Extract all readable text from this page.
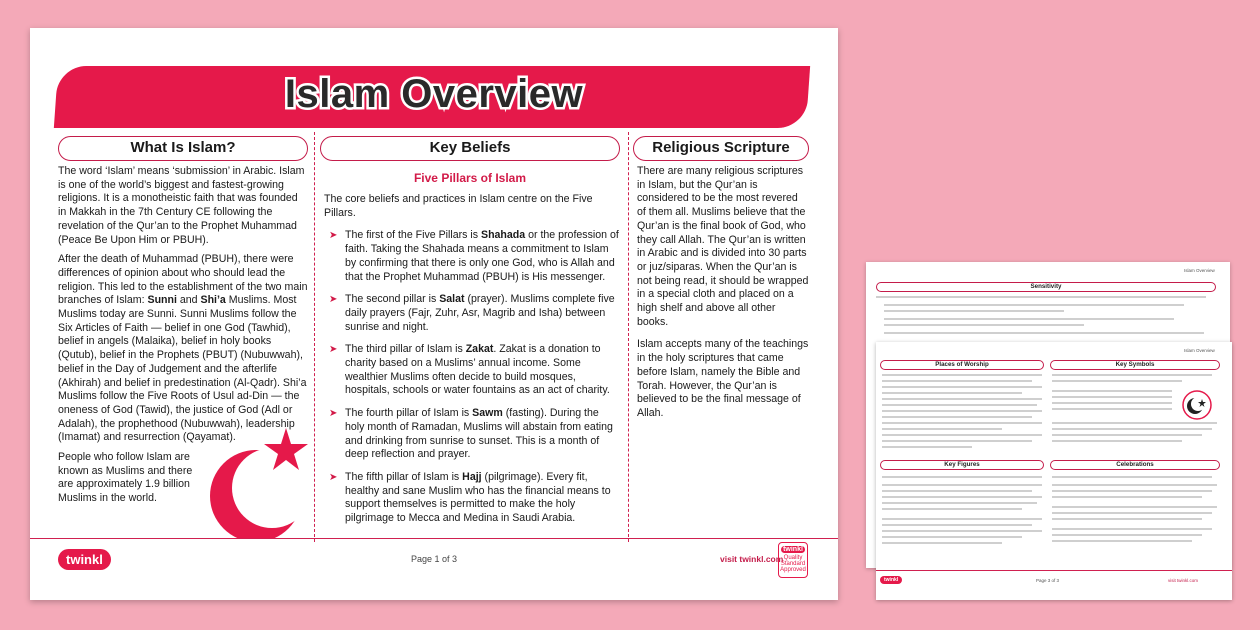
Islam Overview
What Is Islam?

The word ‘Islam’ means ‘submission’ in Arabic. Islam is one of the world’s biggest and fastest-growing religions. It is a monotheistic faith that was founded in Makkah in the 7th Century CE following the revelation of the Qur’an to the Prophet Muhammad (Peace Be Upon Him or PBUH).

After the death of Muhammad (PBUH), there were differences of opinion about who should lead the religion. This led to the establishment of the two main branches of Islam: Sunni and Shi’a Muslims. Most Muslims today are Sunni. Sunni Muslims follow the Six Articles of Faith — belief in one God (Tawhid), belief in angels (Malaika), belief in holy books (Qutub), belief in the Prophets (PBUT) (Nubuwwah), belief in the Day of Judgement and the afterlife (Akhirah) and belief in predestination (Al-Qadr). Shi’a Muslims follow the Five Roots of Usul ad-Din — the oneness of God (Tawid), the justice of God (Adl or Adalah), the prophethood (Nubuwwah), leadership (Imamat) and resurrection (Qayamat).

People who follow Islam are known as Muslims and there are approximately 1.9 billion Muslims in the world.

Key Beliefs
Five Pillars of Islam

The core beliefs and practices in Islam centre on the Five Pillars.

➤ The first of the Five Pillars is Shahada or the profession of faith. Taking the Shahada means a commitment to Islam by confirming that there is only one God, who is Allah and that the Prophet Muhammad (PBUH) is His messenger.
➤ The second pillar is Salat (prayer). Muslims complete five daily prayers (Fajr, Zuhr, Asr, Magrib and Isha) between sunrise and night.
➤ The third pillar of Islam is Zakat. Zakat is a donation to charity based on a Muslims’ annual income. Some wealthier Muslims often decide to build mosques, hospitals, schools or water fountains as an act of charity.
➤ The fourth pillar of Islam is Sawm (fasting). During the holy month of Ramadan, Muslims will abstain from eating and drinking from sunrise to sunset. This is a month of deep reflection and prayer.
➤ The fifth pillar of Islam is Hajj (pilgrimage). Every fit, healthy and sane Muslim who has the financial means to support themselves is permitted to make the holy pilgrimage to Mecca and Medina in Saudi Arabia.
Religious Scripture

There are many religious scriptures in Islam, but the Qur’an is considered to be the most revered of them all. Muslims believe that the Qur’an is the final book of God, who they call Allah. The Qur’an is written in Arabic and is divided into 30 parts or juz/siparas. When the Qur’an is not being read, it should be wrapped in a special cloth and placed on a high shelf and above all other books.

Islam accepts many of the teachings in the holy scriptures that came before Islam, namely the Bible and Torah. However, the Qur’an is believed to be the final message of Allah.

twinkl	Page 1 of 3	visit twinkl.com
twinkl
Quality Standard Approved
Islam Overview
Sensitivity
Islam Overview
Places of Worship	Key Symbols
Key Figures	Celebrations
twinkl	Page 3 of 3	visit twinkl.com
